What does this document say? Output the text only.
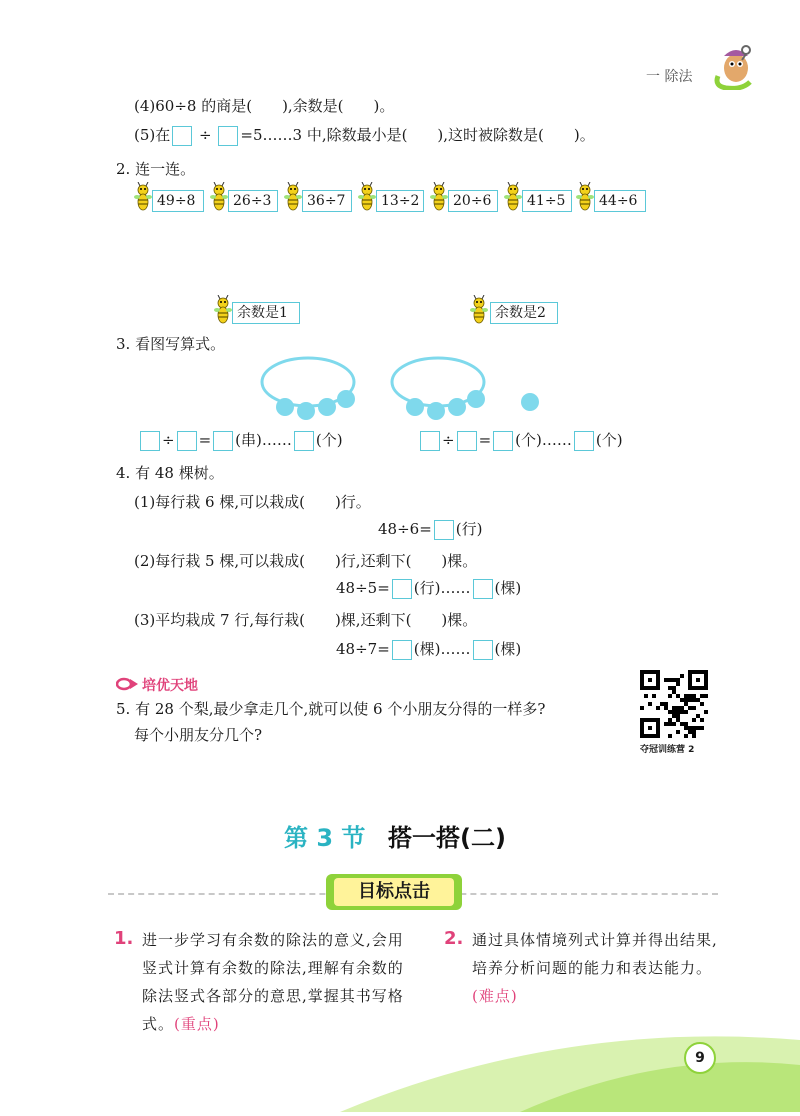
一 除法
(4)60÷8 的商是(　　),余数是(　　)。
(5)在 ÷ =5……3 中,除数最小是(　　),这时被除数是(　　)。
2. 连一连。
49÷8	26÷3	36÷7	13÷2	20÷6	41÷5	44÷6
余数是1	余数是2
3. 看图写算式。
÷ = (串)…… (个)	÷ = (个)…… (个)
4. 有 48 棵树。
(1)每行栽 6 棵,可以栽成(　　)行。
48÷6= (行)
(2)每行栽 5 棵,可以栽成(　　)行,还剩下(　　)棵。
48÷5= (行)…… (棵)
(3)平均栽成 7 行,每行栽(　　)棵,还剩下(　　)棵。
48÷7= (棵)…… (棵)
培优天地
5. 有 28 个梨,最少拿走几个,就可以使 6 个小朋友分得的一样多?
每个小朋友分几个?
夺冠训练营 2
第 3 节 搭一搭(二)
目标点击
1. 进一步学习有余数的除法的意义,会用竖式计算有余数的除法,理解有余数的除法竖式各部分的意思,掌握其书写格式。(重点)
2. 通过具体情境列式计算并得出结果,培养分析问题的能力和表达能力。(难点)
9
